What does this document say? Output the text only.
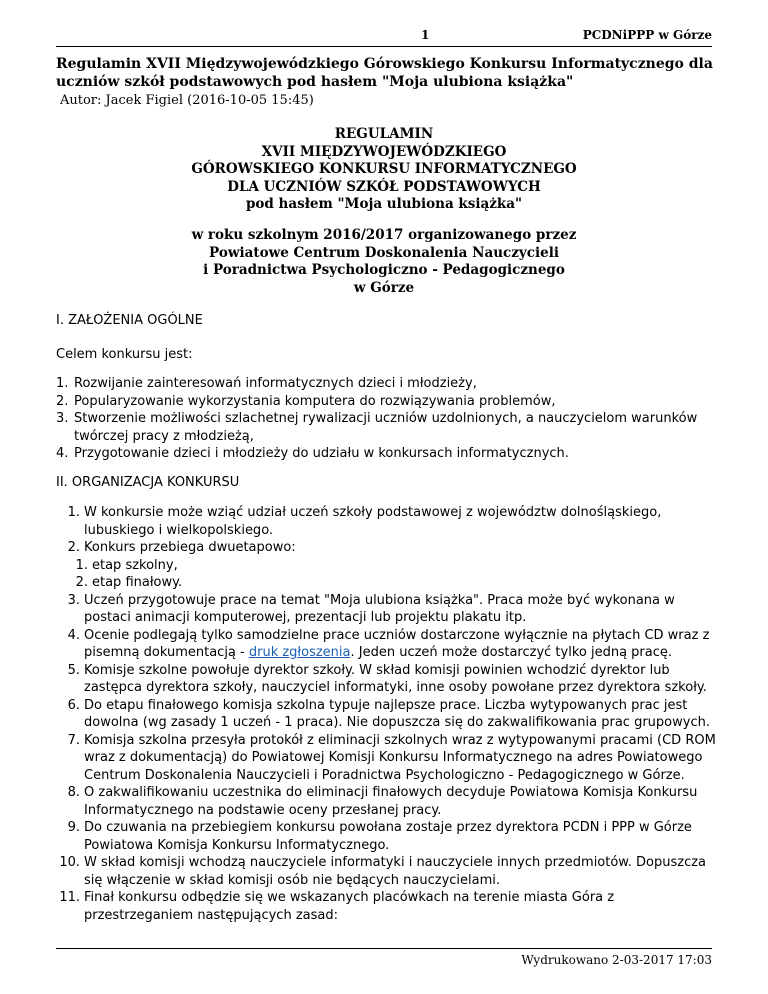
1	PCDNiPPP w Górze
Regulamin XVII Międzywojewódzkiego Górowskiego Konkursu Informatycznego dla uczniów szkół podstawowych pod hasłem "Moja ulubiona książka"
Autor: Jacek Figiel (2016-10-05 15:45)
REGULAMIN
XVII MIĘDZYWOJEWÓDZKIEGO
GÓROWSKIEGO KONKURSU INFORMATYCZNEGO
DLA UCZNIÓW SZKÓŁ PODSTAWOWYCH
pod hasłem "Moja ulubiona książka"
w roku szkolnym 2016/2017 organizowanego przez
Powiatowe Centrum Doskonalenia Nauczycieli
i Poradnictwa Psychologiczno - Pedagogicznego
w Górze
I. ZAŁOŻENIA OGÓLNE
Celem konkursu jest:
1. Rozwijanie zainteresowań informatycznych dzieci i młodzieży,
2. Popularyzowanie wykorzystania komputera do rozwiązywania problemów,
3. Stworzenie możliwości szlachetnej rywalizacji uczniów uzdolnionych, a nauczycielom warunków twórczej pracy z młodzieżą,
4. Przygotowanie dzieci i młodzieży do udziału w konkursach informatycznych.
II. ORGANIZACJA KONKURSU
1. W konkursie może wziąć udział uczeń szkoły podstawowej z województw dolnośląskiego, lubuskiego i wielkopolskiego.
2. Konkurs przebiega dwuetapowo:
1. etap szkolny,
2. etap finałowy.
3. Uczeń przygotowuje prace na temat "Moja ulubiona książka". Praca może być wykonana w postaci animacji komputerowej, prezentacji lub projektu plakatu itp.
4. Ocenie podlegają tylko samodzielne prace uczniów dostarczone wyłącznie na płytach CD wraz z pisemną dokumentacją - druk zgłoszenia. Jeden uczeń może dostarczyć tylko jedną pracę.
5. Komisje szkolne powołuje dyrektor szkoły. W skład komisji powinien wchodzić dyrektor lub zastępca dyrektora szkoły, nauczyciel informatyki, inne osoby powołane przez dyrektora szkoły.
6. Do etapu finałowego komisja szkolna typuje najlepsze prace. Liczba wytypowanych prac jest dowolna (wg zasady 1 uczeń - 1 praca). Nie dopuszcza się do zakwalifikowania prac grupowych.
7. Komisja szkolna przesyła protokół z eliminacji szkolnych wraz z wytypowanymi pracami (CD ROM wraz z dokumentacją) do Powiatowej Komisji Konkursu Informatycznego na adres Powiatowego Centrum Doskonalenia Nauczycieli i Poradnictwa Psychologiczno - Pedagogicznego w Górze.
8. O zakwalifikowaniu uczestnika do eliminacji finałowych decyduje Powiatowa Komisja Konkursu Informatycznego na podstawie oceny przesłanej pracy.
9. Do czuwania na przebiegiem konkursu powołana zostaje przez dyrektora PCDN i PPP w Górze Powiatowa Komisja Konkursu Informatycznego.
10. W skład komisji wchodzą nauczyciele informatyki i nauczyciele innych przedmiotów. Dopuszcza się włączenie w skład komisji osób nie będących nauczycielami.
11. Finał konkursu odbędzie się we wskazanych placówkach na terenie miasta Góra z przestrzeganiem następujących zasad:
Wydrukowano 2-03-2017 17:03
